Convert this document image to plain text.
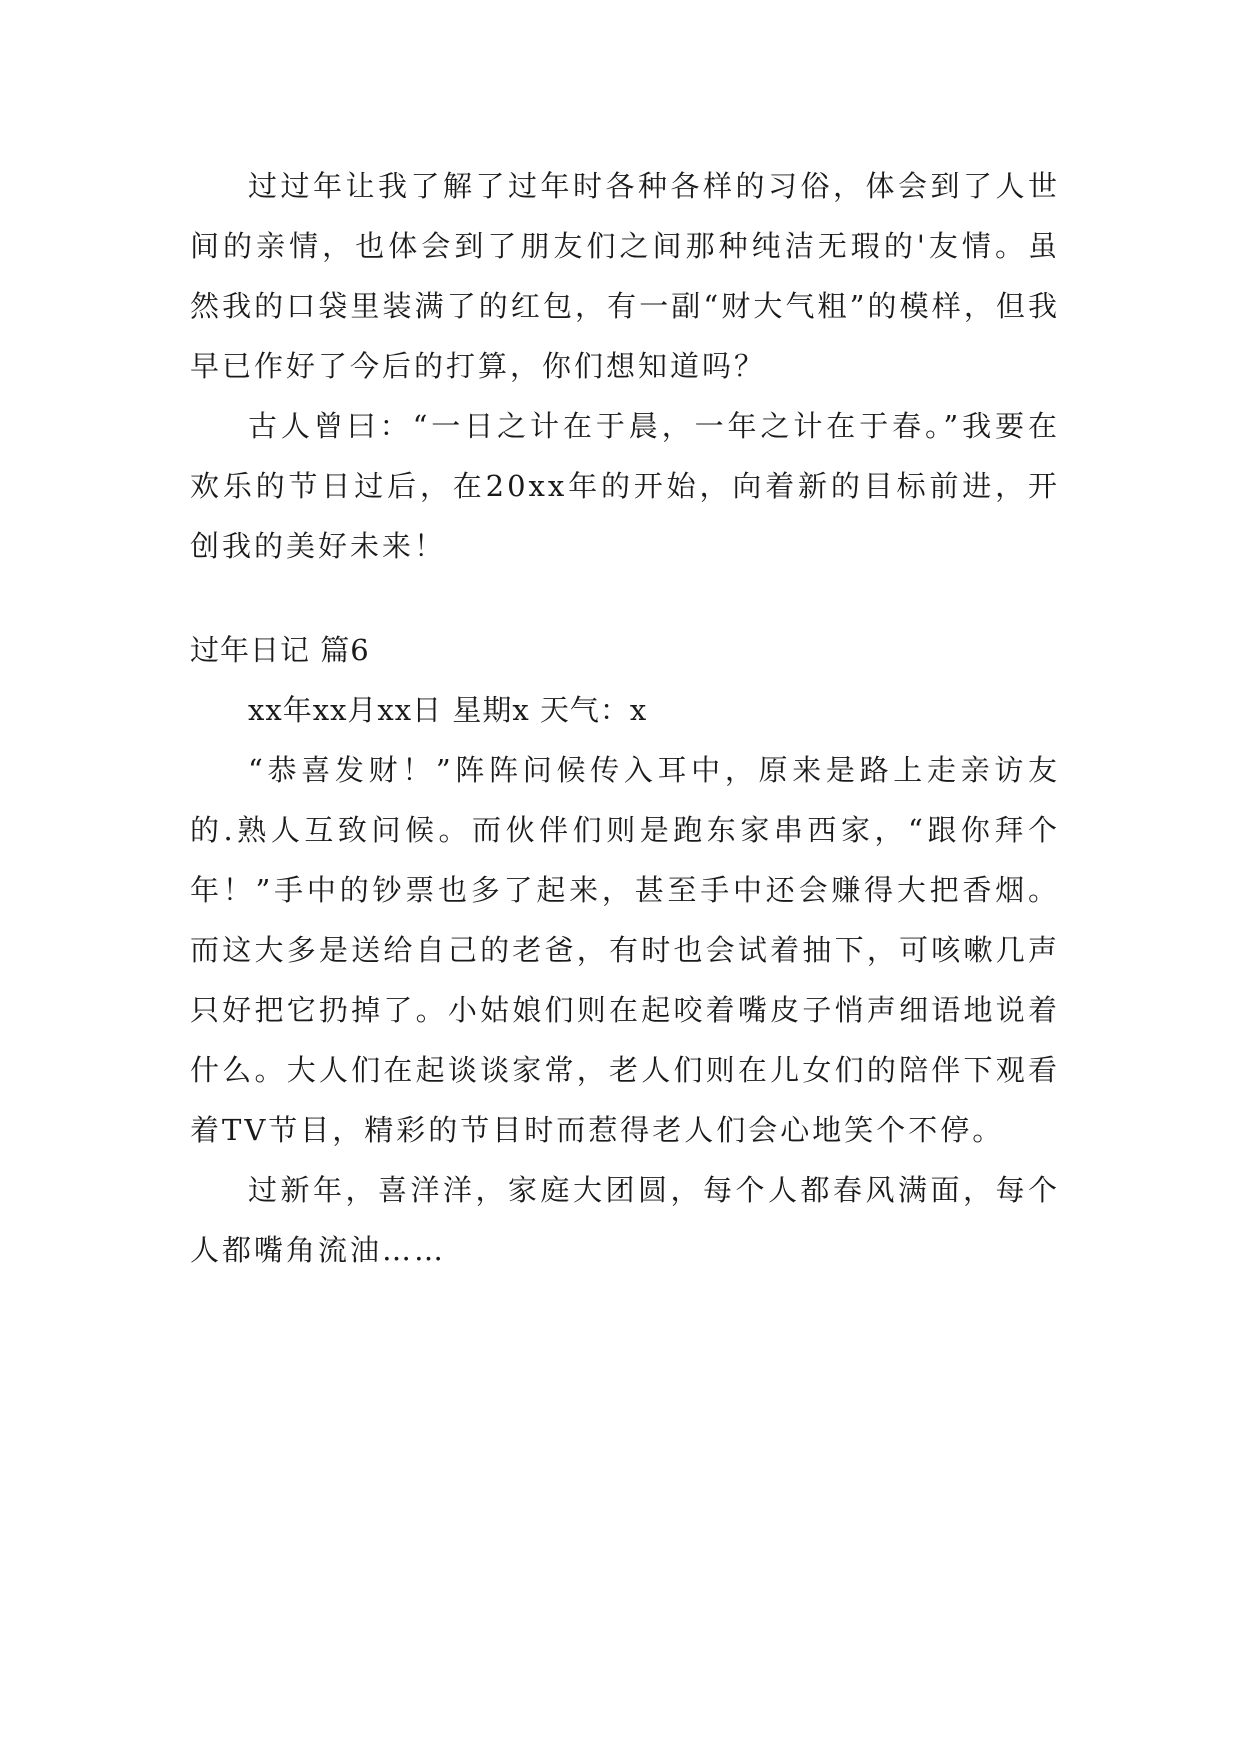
过过年让我了解了过年时各种各样的习俗，体会到了人世间的亲情，也体会到了朋友们之间那种纯洁无瑕的'友情。虽然我的口袋里装满了的红包，有一副“财大气粗”的模样，但我早已作好了今后的打算，你们想知道吗？

古人曾曰：“一日之计在于晨，一年之计在于春。”我要在欢乐的节日过后，在20xx年的开始，向着新的目标前进，开创我的美好未来！

过年日记 篇6

xx年xx月xx日 星期x 天气：x

“恭喜发财！”阵阵问候传入耳中，原来是路上走亲访友的.熟人互致问候。而伙伴们则是跑东家串西家，“跟你拜个年！”手中的钞票也多了起来，甚至手中还会赚得大把香烟。而这大多是送给自己的老爸，有时也会试着抽下，可咳嗽几声只好把它扔掉了。小姑娘们则在起咬着嘴皮子悄声细语地说着什么。大人们在起谈谈家常，老人们则在儿女们的陪伴下观看着TV节目，精彩的节目时而惹得老人们会心地笑个不停。

过新年，喜洋洋，家庭大团圆，每个人都春风满面，每个人都嘴角流油……
